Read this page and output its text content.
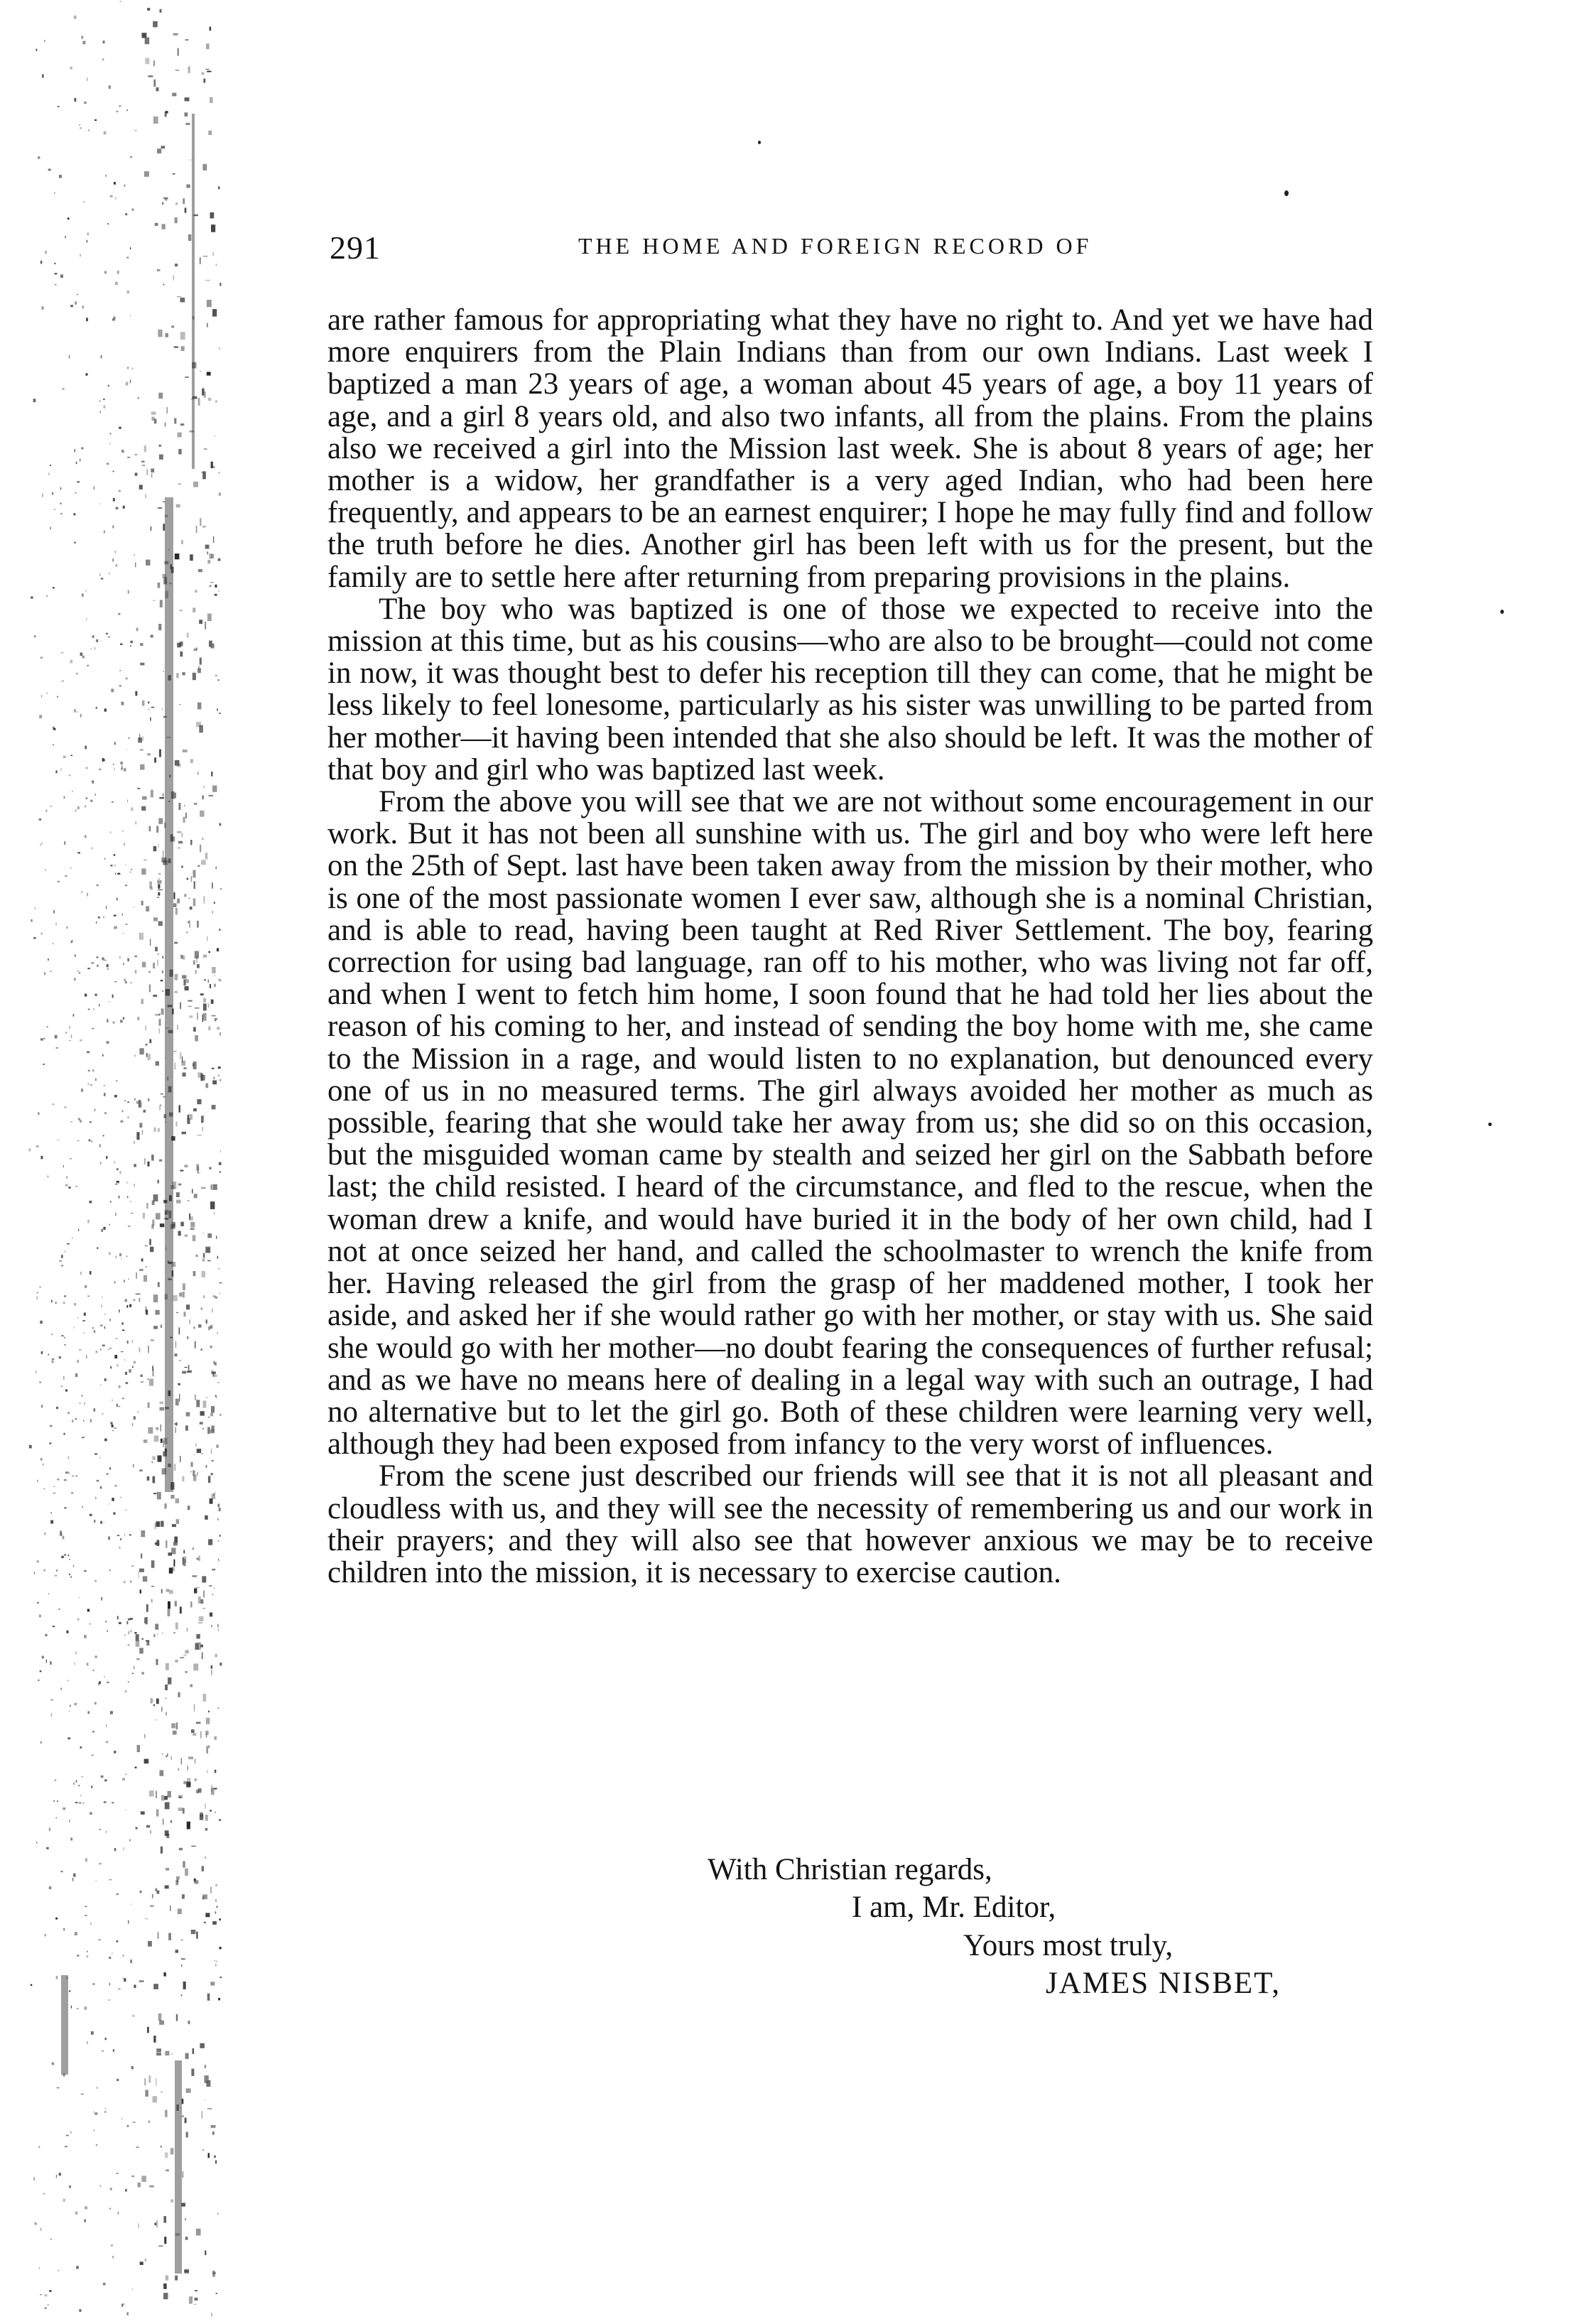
291	THE HOME AND FOREIGN RECORD OF

are rather famous for appropriating what they have no right to. And yet we have had more enquirers from the Plain Indians than from our own Indians. Last week I baptized a man 23 years of age, a woman about 45 years of age, a boy 11 years of age, and a girl 8 years old, and also two infants, all from the plains. From the plains also we received a girl into the Mission last week. She is about 8 years of age; her mother is a widow, her grandfather is a very aged Indian, who had been here frequently, and appears to be an earnest enquirer; I hope he may fully find and follow the truth before he dies. Another girl has been left with us for the present, but the family are to settle here after returning from preparing provisions in the plains.

The boy who was baptized is one of those we expected to receive into the mission at this time, but as his cousins—who are also to be brought—could not come in now, it was thought best to defer his reception till they can come, that he might be less likely to feel lonesome, particularly as his sister was unwilling to be parted from her mother—it having been intended that she also should be left. It was the mother of that boy and girl who was baptized last week.

From the above you will see that we are not without some encouragement in our work. But it has not been all sunshine with us. The girl and boy who were left here on the 25th of Sept. last have been taken away from the mission by their mother, who is one of the most passionate women I ever saw, although she is a nominal Christian, and is able to read, having been taught at Red River Settlement. The boy, fearing correction for using bad language, ran off to his mother, who was living not far off, and when I went to fetch him home, I soon found that he had told her lies about the reason of his coming to her, and instead of sending the boy home with me, she came to the Mission in a rage, and would listen to no explanation, but denounced every one of us in no measured terms. The girl always avoided her mother as much as possible, fearing that she would take her away from us; she did so on this occasion, but the misguided woman came by stealth and seized her girl on the Sabbath before last; the child resisted. I heard of the circumstance, and fled to the rescue, when the woman drew a knife, and would have buried it in the body of her own child, had I not at once seized her hand, and called the schoolmaster to wrench the knife from her. Having released the girl from the grasp of her maddened mother, I took her aside, and asked her if she would rather go with her mother, or stay with us. She said she would go with her mother—no doubt fearing the consequences of further refusal; and as we have no means here of dealing in a legal way with such an outrage, I had no alternative but to let the girl go. Both of these children were learning very well, although they had been exposed from infancy to the very worst of influences.

From the scene just described our friends will see that it is not all pleasant and cloudless with us, and they will see the necessity of remembering us and our work in their prayers; and they will also see that however anxious we may be to receive children into the mission, it is necessary to exercise caution.

With Christian regards,
I am, Mr. Editor,
Yours most truly,
JAMES NISBET,
